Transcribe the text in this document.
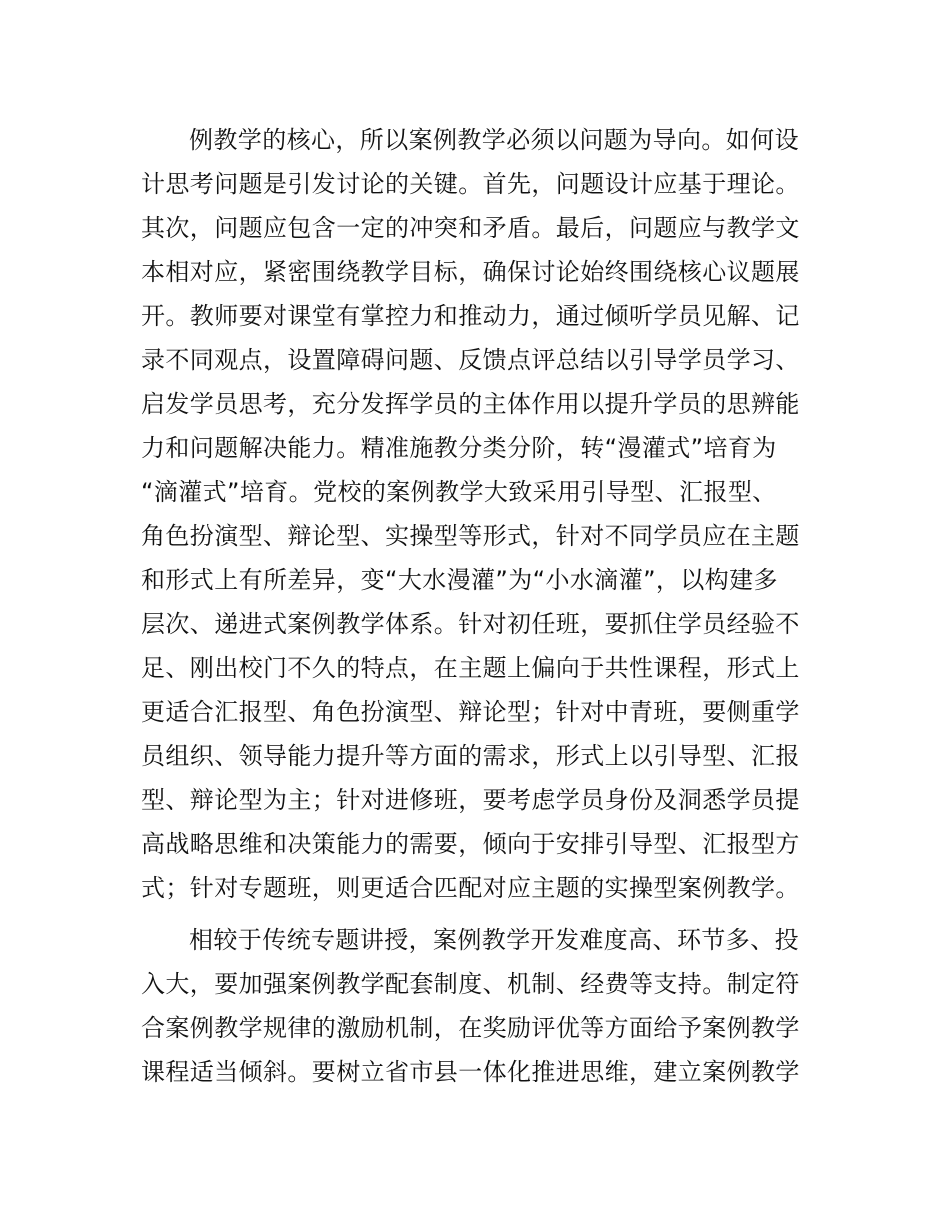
例教学的核心，所以案例教学必须以问题为导向。如何设
计思考问题是引发讨论的关键。首先，问题设计应基于理论。
其次，问题应包含一定的冲突和矛盾。最后，问题应与教学文
本相对应，紧密围绕教学目标，确保讨论始终围绕核心议题展
开。教师要对课堂有掌控力和推动力，通过倾听学员见解、记
录不同观点，设置障碍问题、反馈点评总结以引导学员学习、
启发学员思考，充分发挥学员的主体作用以提升学员的思辨能
力和问题解决能力。精准施教分类分阶，转“漫灌式”培育为
“滴灌式”培育。党校的案例教学大致采用引导型、汇报型、
角色扮演型、辩论型、实操型等形式，针对不同学员应在主题
和形式上有所差异，变“大水漫灌”为“小水滴灌”，以构建多
层次、递进式案例教学体系。针对初任班，要抓住学员经验不
足、刚出校门不久的特点，在主题上偏向于共性课程，形式上
更适合汇报型、角色扮演型、辩论型；针对中青班，要侧重学
员组织、领导能力提升等方面的需求，形式上以引导型、汇报
型、辩论型为主；针对进修班，要考虑学员身份及洞悉学员提
高战略思维和决策能力的需要，倾向于安排引导型、汇报型方
式；针对专题班，则更适合匹配对应主题的实操型案例教学。
相较于传统专题讲授，案例教学开发难度高、环节多、投
入大，要加强案例教学配套制度、机制、经费等支持。制定符
合案例教学规律的激励机制，在奖励评优等方面给予案例教学
课程适当倾斜。要树立省市县一体化推进思维，建立案例教学
